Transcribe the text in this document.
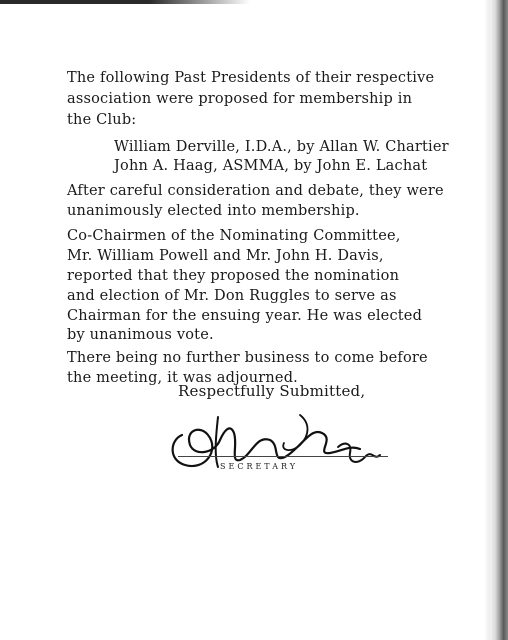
The following Past Presidents of their respective
association were proposed for membership in
the Club:
William Derville, I.D.A., by Allan W. Chartier
John A. Haag, ASMMA, by John E. Lachat
After careful consideration and debate, they were
unanimously elected into membership.
Co-Chairmen of the Nominating Committee,
Mr. William Powell and Mr. John H. Davis,
reported that they proposed the nomination
and election of Mr. Don Ruggles to serve as
Chairman for the ensuing year. He was elected
by unanimous vote.
There being no further business to come before
the meeting, it was adjourned.
Respectfully Submitted,
SECRETARY
